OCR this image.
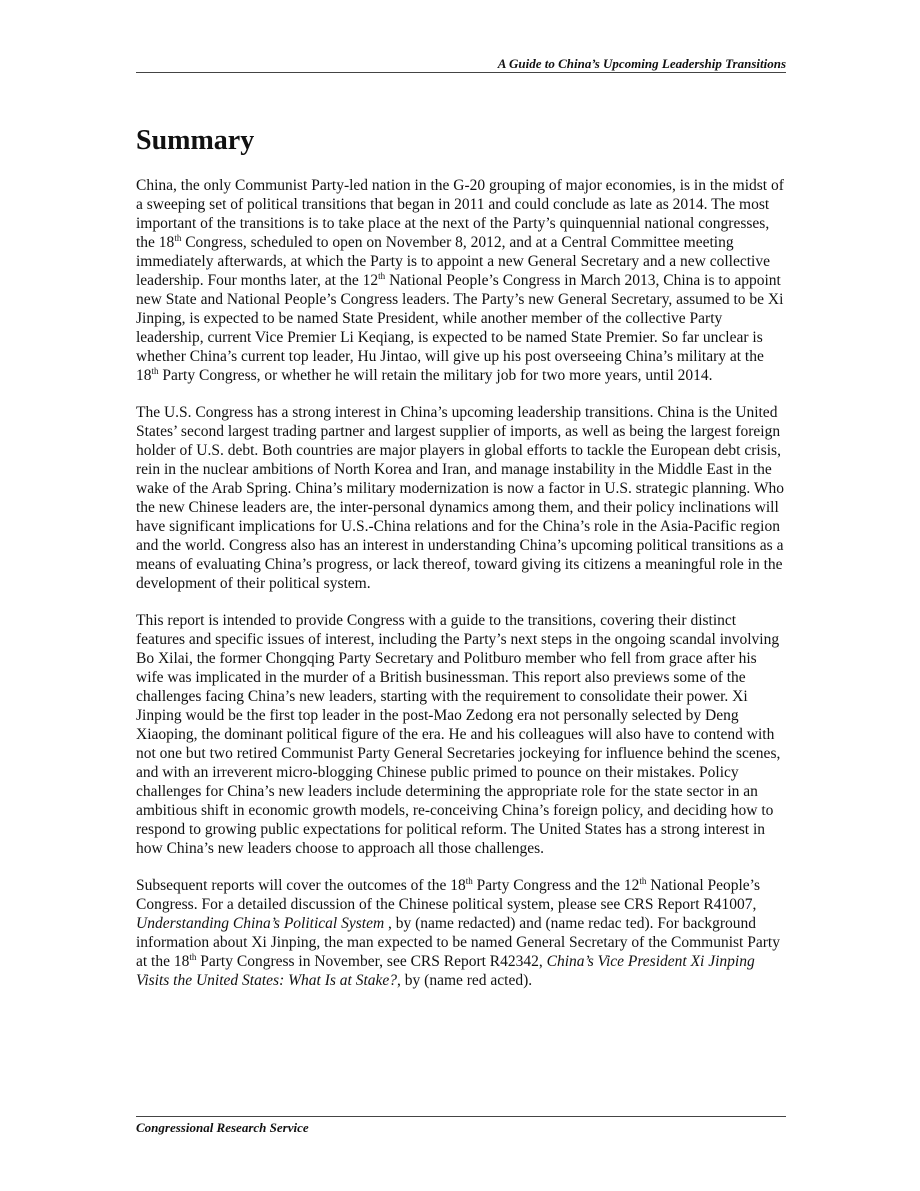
A Guide to China’s Upcoming Leadership Transitions
Summary

China, the only Communist Party-led nation in the G-20 grouping of major economies, is in the midst of a sweeping set of political transitions that began in 2011 and could conclude as late as 2014. The most important of the transitions is to take place at the next of the Party’s quinquennial national congresses, the 18th Congress, scheduled to open on November 8, 2012, and at a Central Committee meeting immediately afterwards, at which the Party is to appoint a new General Secretary and a new collective leadership. Four months later, at the 12th National People’s Congress in March 2013, China is to appoint new State and National People’s Congress leaders. The Party’s new General Secretary, assumed to be Xi Jinping, is expected to be named State President, while another member of the collective Party leadership, current Vice Premier Li Keqiang, is expected to be named State Premier. So far unclear is whether China’s current top leader, Hu Jintao, will give up his post overseeing China’s military at the 18th Party Congress, or whether he will retain the military job for two more years, until 2014.

The U.S. Congress has a strong interest in China’s upcoming leadership transitions. China is the United States’ second largest trading partner and largest supplier of imports, as well as being the largest foreign holder of U.S. debt. Both countries are major players in global efforts to tackle the European debt crisis, rein in the nuclear ambitions of North Korea and Iran, and manage instability in the Middle East in the wake of the Arab Spring. China’s military modernization is now a factor in U.S. strategic planning. Who the new Chinese leaders are, the inter-personal dynamics among them, and their policy inclinations will have significant implications for U.S.-China relations and for the China’s role in the Asia-Pacific region and the world. Congress also has an interest in understanding China’s upcoming political transitions as a means of evaluating China’s progress, or lack thereof, toward giving its citizens a meaningful role in the development of their political system.

This report is intended to provide Congress with a guide to the transitions, covering their distinct features and specific issues of interest, including the Party’s next steps in the ongoing scandal involving Bo Xilai, the former Chongqing Party Secretary and Politburo member who fell from grace after his wife was implicated in the murder of a British businessman. This report also previews some of the challenges facing China’s new leaders, starting with the requirement to consolidate their power. Xi Jinping would be the first top leader in the post-Mao Zedong era not personally selected by Deng Xiaoping, the dominant political figure of the era. He and his colleagues will also have to contend with not one but two retired Communist Party General Secretaries jockeying for influence behind the scenes, and with an irreverent micro-blogging Chinese public primed to pounce on their mistakes. Policy challenges for China’s new leaders include determining the appropriate role for the state sector in an ambitious shift in economic growth models, re-conceiving China’s foreign policy, and deciding how to respond to growing public expectations for political reform. The United States has a strong interest in how China’s new leaders choose to approach all those challenges.

Subsequent reports will cover the outcomes of the 18th Party Congress and the 12th National People’s Congress. For a detailed discussion of the Chinese political system, please see CRS Report R41007, Understanding China’s Political System , by (name redacted) and (name redac ted). For background information about Xi Jinping, the man expected to be named General Secretary of the Communist Party at the 18th Party Congress in November, see CRS Report R42342, China’s Vice President Xi Jinping Visits the United States: What Is at Stake?, by (name red acted).

Congressional Research Service
